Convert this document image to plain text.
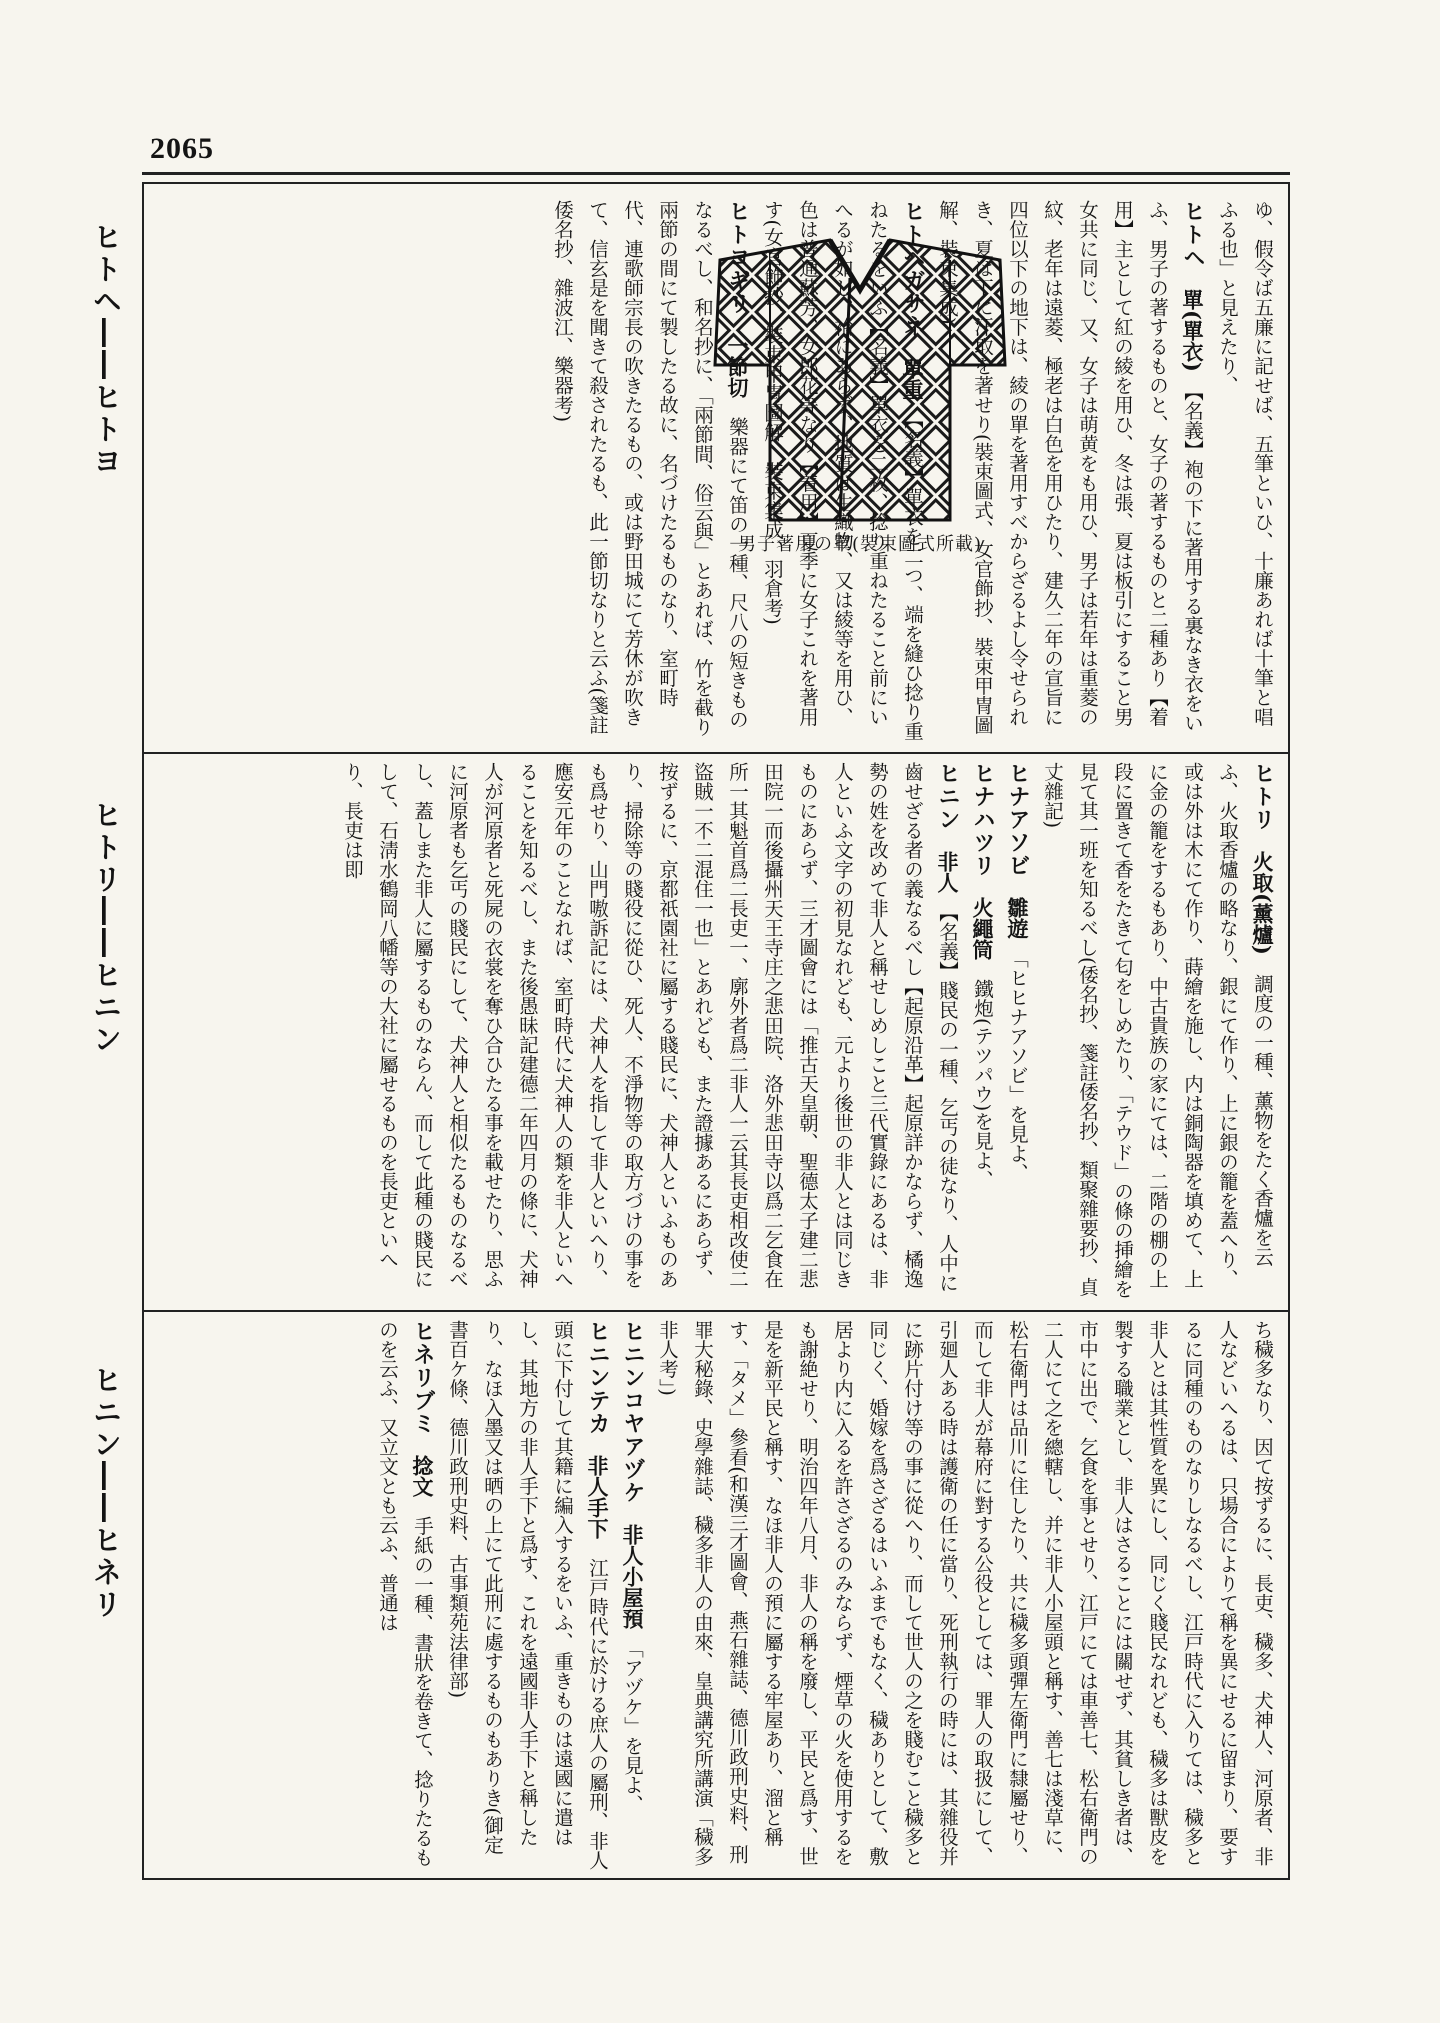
2065
ヒトヘ――ヒトヨ
ヒトリ――ヒニン
ヒニン――ヒネリ
男子著用の單(裝束圖式所載)	ゆ、假令ば五廉に記せば、五筆といひ、十廉あれば十筆と唱ふる也」と見えたり、

ヒトヘ　單(單衣)　【名義】袍の下に著用する裏なき衣をいふ、男子の著するものと、女子の著するものと二種あり【着用】主として紅の綾を用ひ、冬は張、夏は板引にすること男女共に同じ、又、女子は萌黄をも用ひ、男子は若年は重菱の紋、老年は遠菱、極老は白色を用ひたり、建久二年の宣旨に四位以下の地下は、綾の單を著用すべからざるよし令せられき、夏は下に汗取を著せり(裝束圖式、女官飾抄、裝束甲冑圖解、裝束集成)

ヒトヘガサネ　單重　【名義】單衣を二つ、端を縫ひ捻り重ねたるをいふ【名義】單衣を二枚、捻り重ねたること前にいへるが如し、袷にあらず、地質は生織物、又は綾等を用ひ、色は普通蘇芳、女郎花等なり【着用】夏季に女子これを著用す(女官飾抄、裝束甲冑圖解、裝束集成、羽倉考)

ヒトヨギリ　一節切　樂器にて笛の一種、尺八の短きものなるべし、和名抄に、「兩節間、俗云與」とあれば、竹を截り兩節の間にて製したる故に、名づけたるものなり、室町時代、連歌師宗長の吹きたるもの、或は野田城にて芳休が吹きて、信玄是を聞きて殺されたるも、此一節切なりと云ふ(箋註倭名抄、雜波江、樂器考)

ヒトリ　火取(薰爐)　調度の一種、薰物をたく香爐を云ふ、火取香爐の略なり、銀にて作り、上に銀の籠を蓋へり、或は外は木にて作り、蒔繪を施し、内は銅陶器を填めて、上に金の籠をするもあり、中古貴族の家にては、二階の棚の上段に置きて香をたきて匂をしめたり、「テウド」の條の挿繪を見て其一班を知るべし(倭名抄、箋註倭名抄、類聚雜要抄、貞丈雜記)

ヒナアソビ　雛遊　「ヒヒナアソビ」を見よ、

ヒナハツリ　火繩筒　鐵炮(テツパウ)を見よ、

ヒニン　非人　【名義】賤民の一種、乞丐の徒なり、人中に齒せざる者の義なるべし【起原沿革】起原詳かならず、橘逸勢の姓を改めて非人と稱せしめしこと三代實錄にあるは、非人といふ文字の初見なれども、元より後世の非人とは同じきものにあらず、三才圖會には「推古天皇朝、聖德太子建二悲田院一而後攝州天王寺庄之悲田院、洛外悲田寺以爲二乞食在所一其魁首爲二長吏一、廓外者爲二非人一云其長吏相改使二盜賊一不二混住一也」とあれども、また證據あるにあらず、按ずるに、京都祇園社に屬する賤民に、犬神人といふものあり、掃除等の賤役に從ひ、死人、不淨物等の取方づけの事をも爲せり、山門嗷訴記には、犬神人を指して非人といへり、應安元年のことなれば、室町時代に犬神人の類を非人といへることを知るべし、また後愚昧記建德二年四月の條に、犬神人が河原者と死屍の衣裳を奪ひ合ひたる事を載せたり、思ふに河原者も乞丐の賤民にして、犬神人と相似たるものなるべし、蓋しまた非人に屬するものならん、而して此種の賤民にして、石淸水鶴岡八幡等の大社に屬せるものを長吏といへり、長吏は即

ち穢多なり、因て按ずるに、長吏、穢多、犬神人、河原者、非人などいへるは、只場合によりて稱を異にせるに留まり、要するに同種のものなりしなるべし、江戸時代に入りては、穢多と非人とは其性質を異にし、同じく賤民なれども、穢多は獸皮を製する職業とし、非人はさることには關せず、其貧しき者は、市中に出で、乞食を事とせり、江戸にては車善七、松右衛門の二人にて之を總轄し、并に非人小屋頭と稱す、善七は淺草に、松右衛門は品川に住したり、共に穢多頭彈左衛門に隸屬せり、而して非人が幕府に對する公役としては、罪人の取扱にして、引廻人ある時は護衛の任に當り、死刑執行の時には、其雜役并に跡片付け等の事に從へり、而して世人の之を賤むこと穢多と同じく、婚嫁を爲さざるはいふまでもなく、穢ありとして、敷居より内に入るを許さざるのみならず、煙草の火を使用するをも謝絶せり、明治四年八月、非人の稱を廢し、平民と爲す、世是を新平民と稱す、なほ非人の預に屬する牢屋あり、溜と稱す、「タメ」參看(和漢三才圖會、燕石雜誌、德川政刑史料、刑罪大秘錄、史學雜誌、穢多非人の由來、皇典講究所講演「穢多非人考」)

ヒニンコヤアヅケ　非人小屋預　「アヅケ」を見よ、

ヒニンテカ　非人手下　江戸時代に於ける庶人の屬刑、非人頭に下付して其籍に編入するをいふ、重きものは遠國に遣はし、其地方の非人手下と爲す、これを遠國非人手下と稱したり、なほ入墨又は晒の上にて此刑に處するものもありき(御定書百ケ條、德川政刑史料、古事類苑法律部)

ヒネリブミ　捻文　手紙の一種、書狀を卷きて、捻りたるものを云ふ、又立文とも云ふ、普通は
